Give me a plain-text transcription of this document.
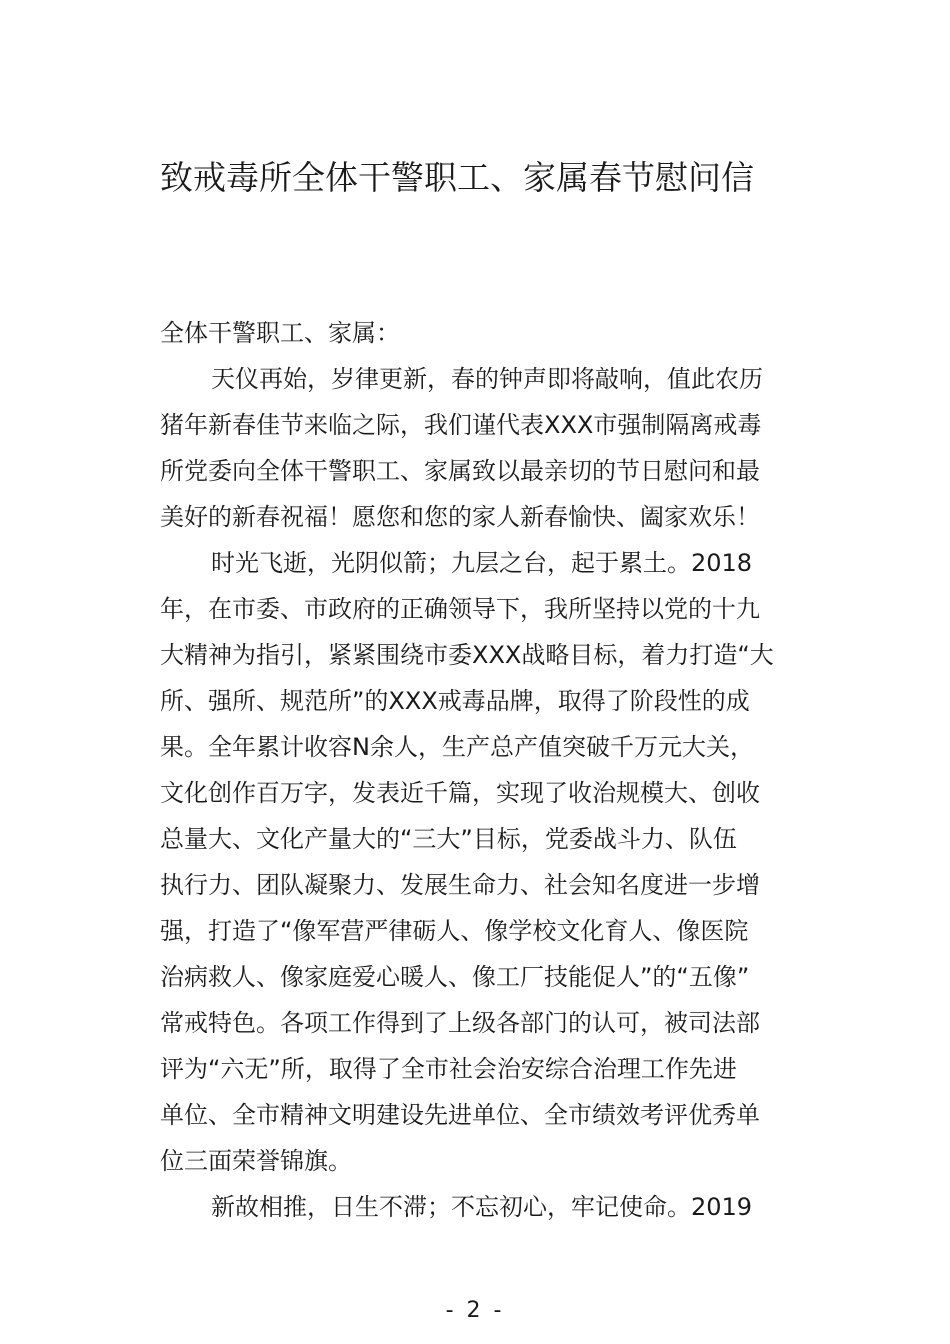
致戒毒所全体干警职工、家属春节慰问信
全体干警职工、家属：
天仪再始，岁律更新，春的钟声即将敲响，值此农历
猪年新春佳节来临之际，我们谨代表XXX市强制隔离戒毒
所党委向全体干警职工、家属致以最亲切的节日慰问和最
美好的新春祝福！愿您和您的家人新春愉快、阖家欢乐！
时光飞逝，光阴似箭；九层之台，起于累土。2018
年，在市委、市政府的正确领导下，我所坚持以党的十九
大精神为指引，紧紧围绕市委XXX战略目标，着力打造“大
所、强所、规范所”的XXX戒毒品牌，取得了阶段性的成
果。全年累计收容N余人，生产总产值突破千万元大关，
文化创作百万字，发表近千篇，实现了收治规模大、创收
总量大、文化产量大的“三大”目标，党委战斗力、队伍
执行力、团队凝聚力、发展生命力、社会知名度进一步增
强，打造了“像军营严律砺人、像学校文化育人、像医院
治病救人、像家庭爱心暖人、像工厂技能促人”的“五像”
常戒特色。各项工作得到了上级各部门的认可，被司法部
评为“六无”所，取得了全市社会治安综合治理工作先进
单位、全市精神文明建设先进单位、全市绩效考评优秀单
位三面荣誉锦旗。
新故相推，日生不滞；不忘初心，牢记使命。2019
- 2 -
